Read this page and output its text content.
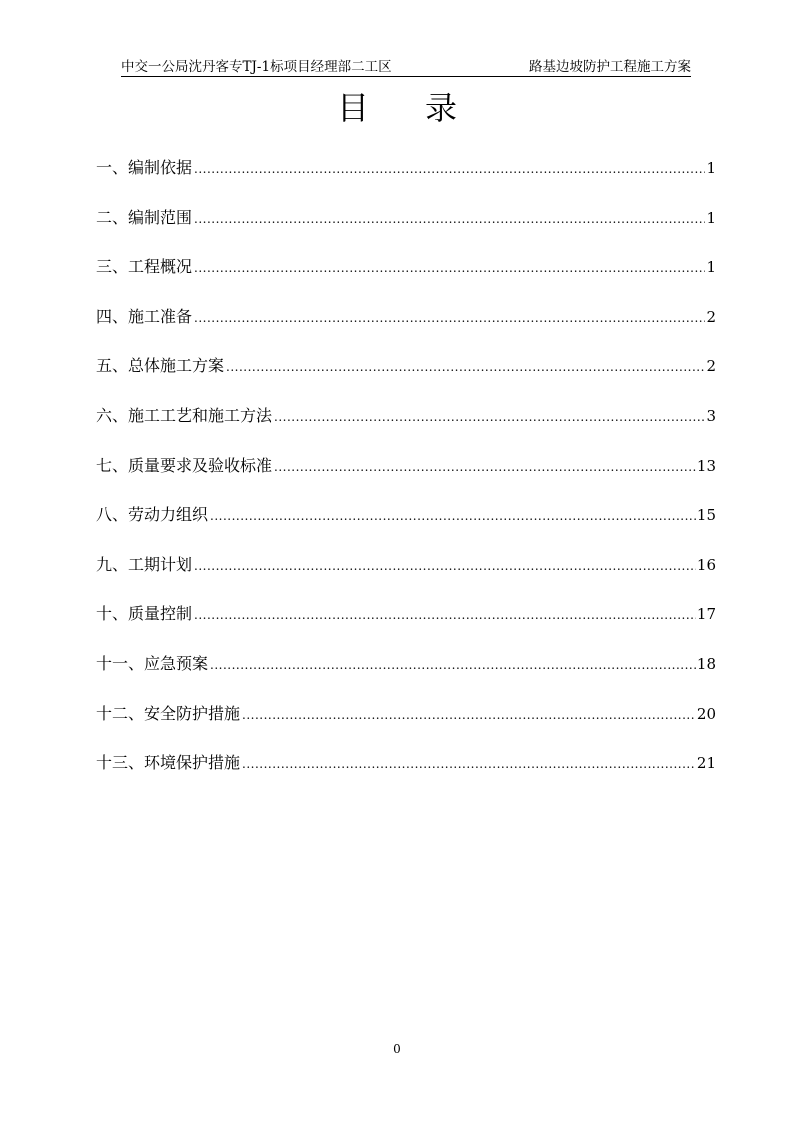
中交一公局沈丹客专TJ-1标项目经理部二工区	路基边坡防护工程施工方案
目录
一、编制依据 .....	1
二、编制范围 .....	1
三、工程概况 .....	1
四、施工准备 .....	2
五、总体施工方案 .....	2
六、施工工艺和施工方法 .....	3
七、质量要求及验收标准 .....	13
八、劳动力组织 .....	15
九、工期计划 .....	16
十、质量控制 .....	17
十一、应急预案 .....	18
十二、安全防护措施 .....	20
十三、环境保护措施 .....	21
0
